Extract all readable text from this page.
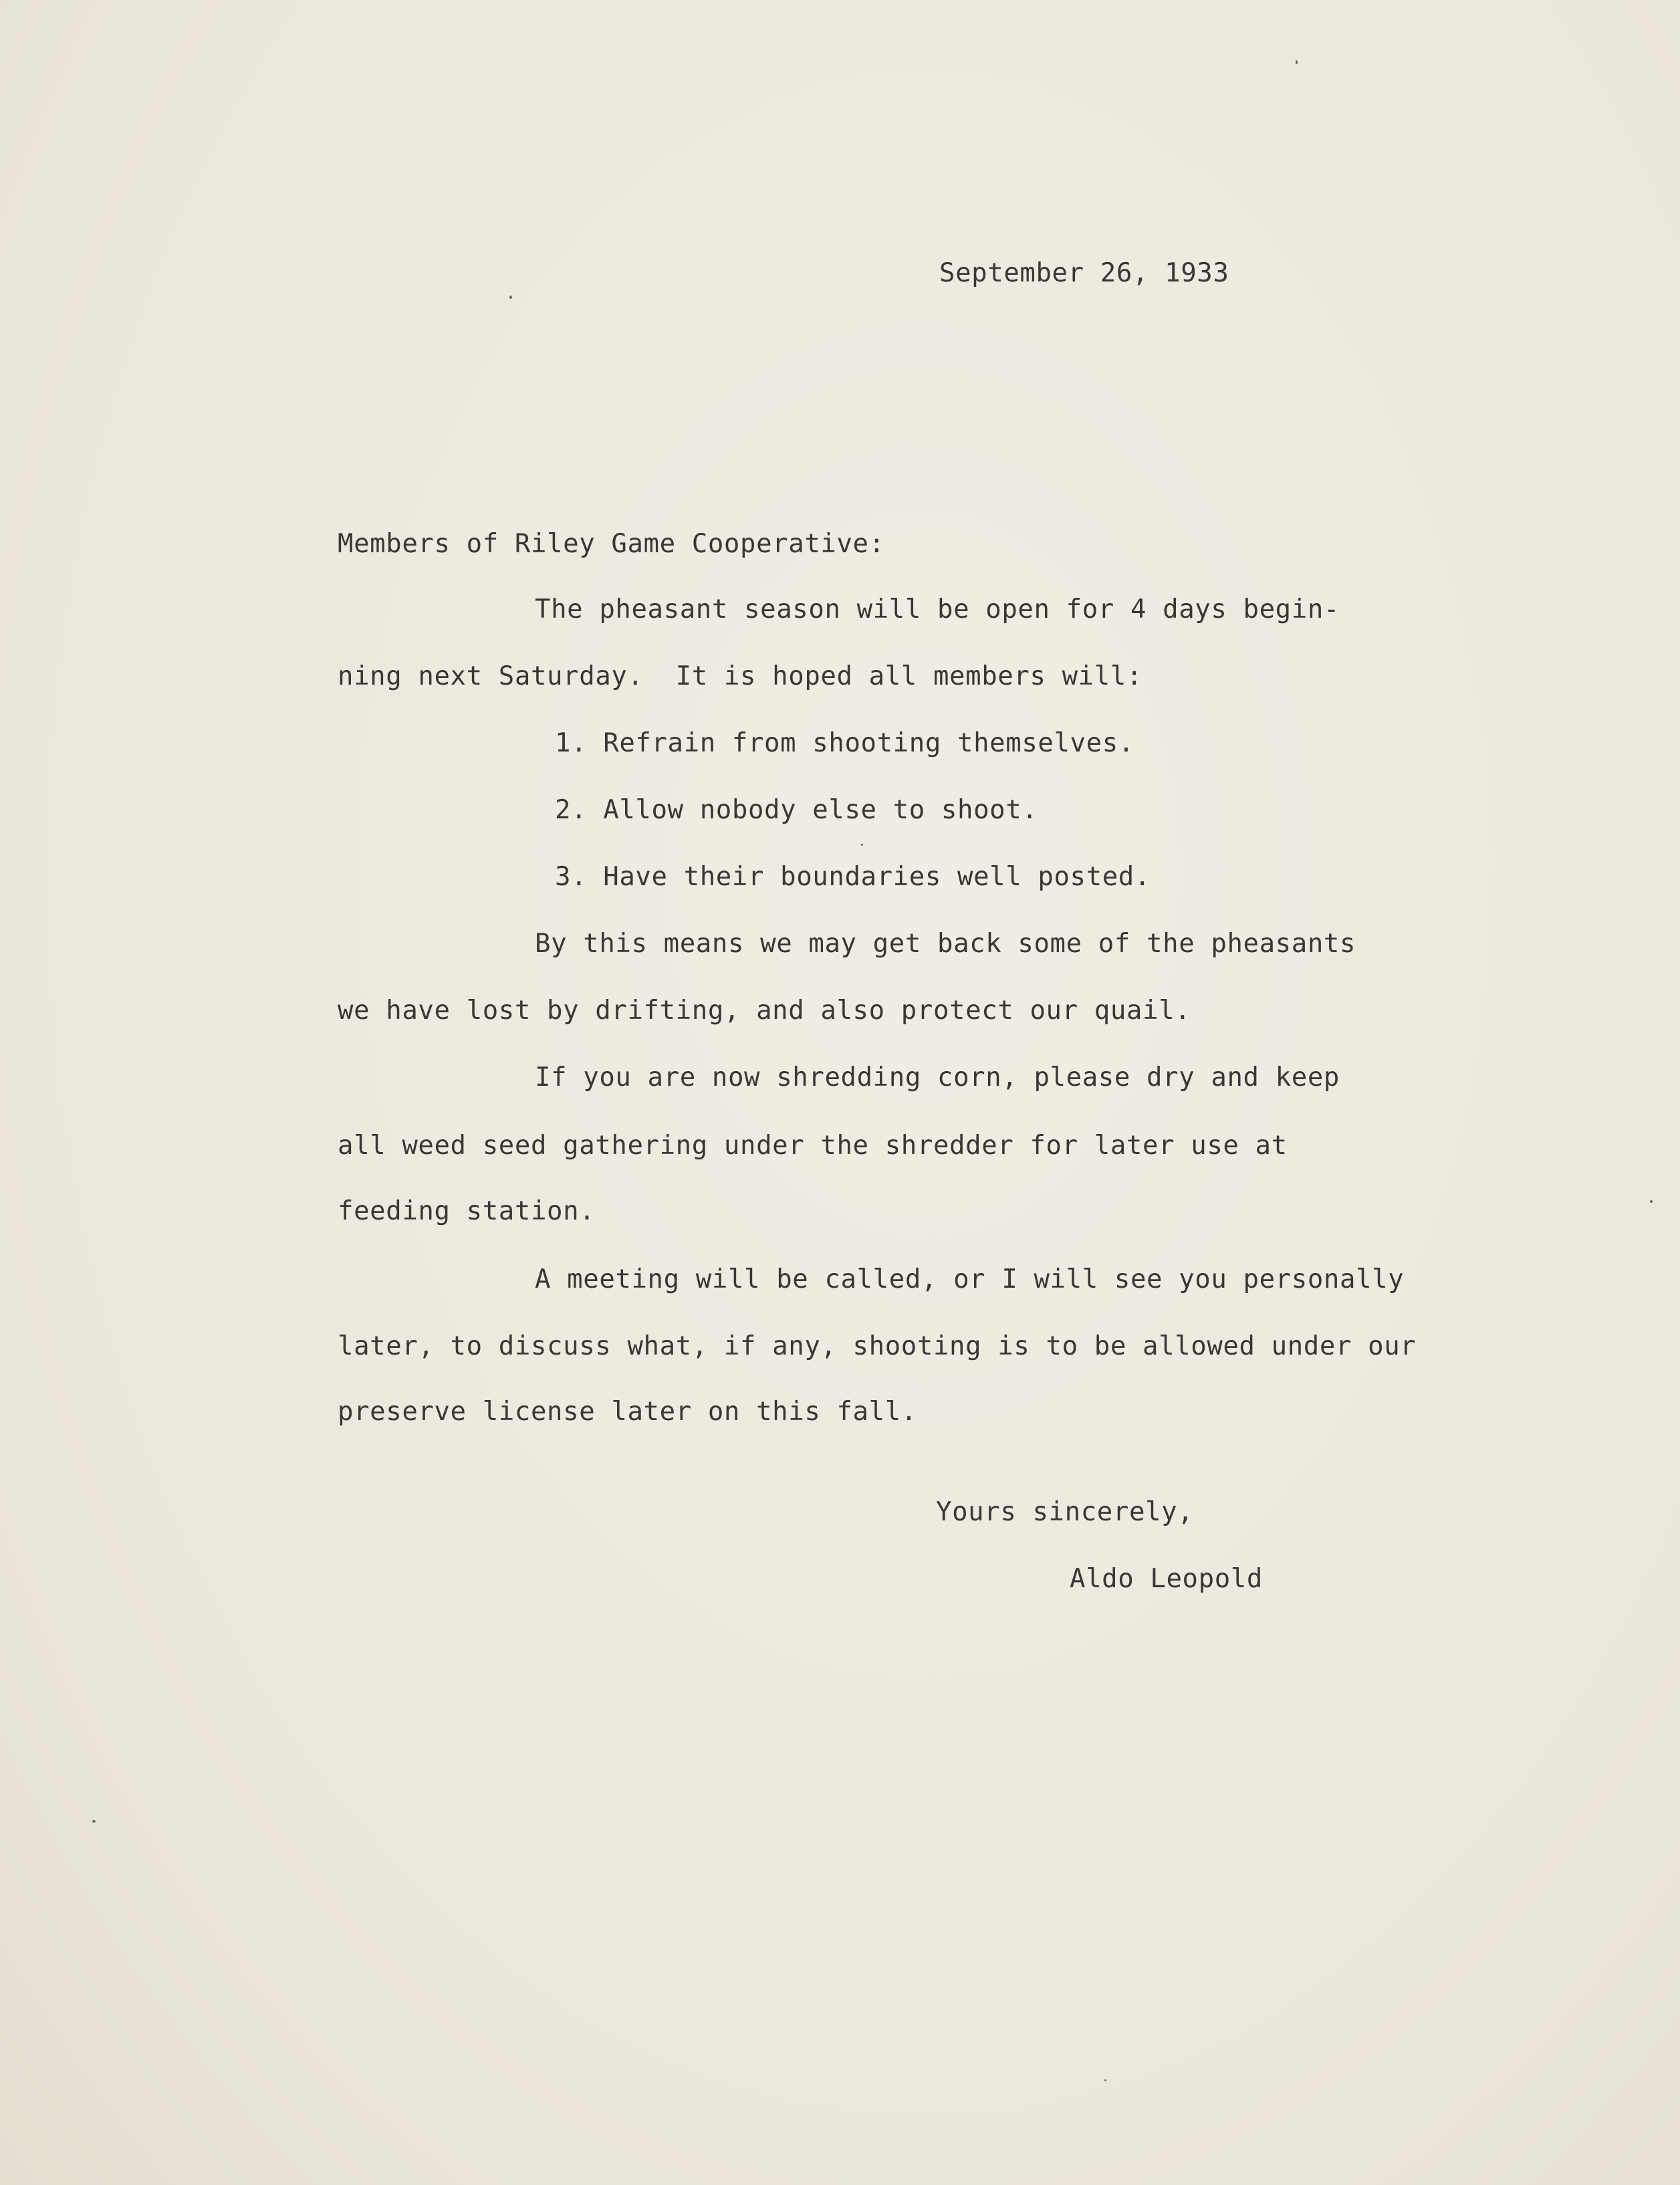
September 26, 1933

Members of Riley Game Cooperative:

The pheasant season will be open for 4 days begin-

ning next Saturday.  It is hoped all members will:

1. Refrain from shooting themselves.

2. Allow nobody else to shoot.

3. Have their boundaries well posted.

By this means we may get back some of the pheasants

we have lost by drifting, and also protect our quail.

If you are now shredding corn, please dry and keep

all weed seed gathering under the shredder for later use at

feeding station.

A meeting will be called, or I will see you personally

later, to discuss what, if any, shooting is to be allowed under our

preserve license later on this fall.

Yours sincerely,

Aldo Leopold
